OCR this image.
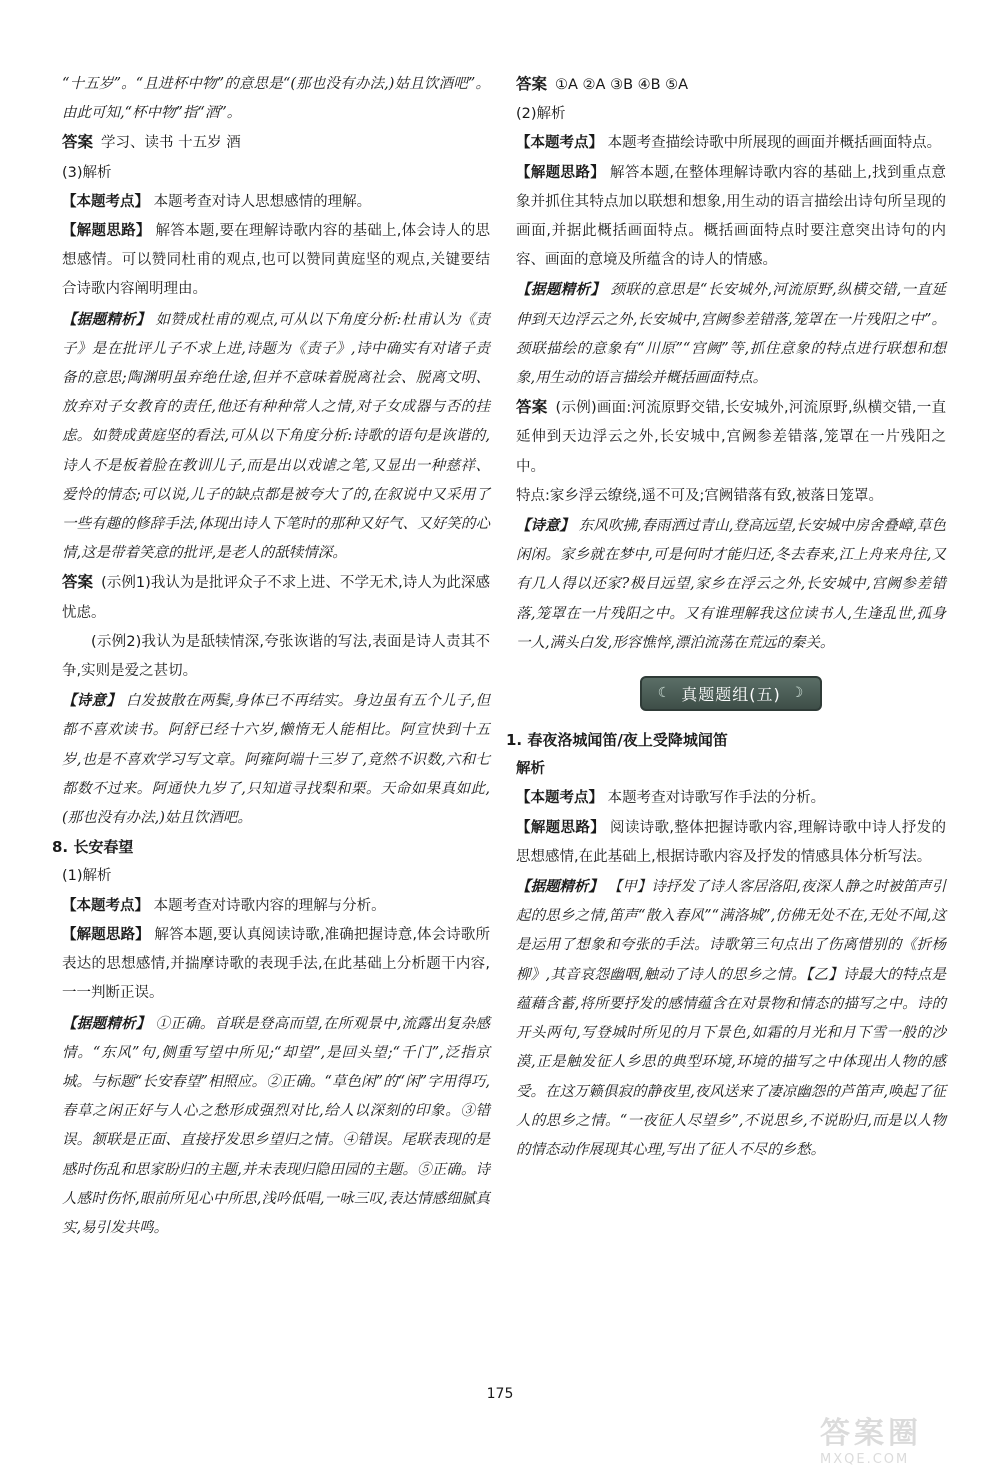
“十五岁”。“且进杯中物”的意思是“(那也没有办法,)姑且饮酒吧”。由此可知,“杯中物”指“酒”。

答案 学习、读书 十五岁 酒

(3)解析

【本题考点】 本题考查对诗人思想感情的理解。

【解题思路】 解答本题,要在理解诗歌内容的基础上,体会诗人的思想感情。可以赞同杜甫的观点,也可以赞同黄庭坚的观点,关键要结合诗歌内容阐明理由。

【据题精析】 如赞成杜甫的观点,可从以下角度分析:杜甫认为《责子》是在批评儿子不求上进,诗题为《责子》,诗中确实有对诸子责备的意思;陶渊明虽弃绝仕途,但并不意味着脱离社会、脱离文明、放弃对子女教育的责任,他还有种种常人之情,对子女成器与否的挂虑。如赞成黄庭坚的看法,可从以下角度分析:诗歌的语句是诙谐的,诗人不是板着脸在教训儿子,而是出以戏谑之笔,又显出一种慈祥、爱怜的情态;可以说,儿子的缺点都是被夸大了的,在叙说中又采用了一些有趣的修辞手法,体现出诗人下笔时的那种又好气、又好笑的心情,这是带着笑意的批评,是老人的舐犊情深。

答案 (示例1)我认为是批评众子不求上进、不学无术,诗人为此深感忧虑。

(示例2)我认为是舐犊情深,夸张诙谐的写法,表面是诗人责其不争,实则是爱之甚切。

【诗意】 白发披散在两鬓,身体已不再结实。身边虽有五个儿子,但都不喜欢读书。阿舒已经十六岁,懒惰无人能相比。阿宣快到十五岁,也是不喜欢学习写文章。阿雍阿端十三岁了,竟然不识数,六和七都数不过来。阿通快九岁了,只知道寻找梨和栗。天命如果真如此,(那也没有办法,)姑且饮酒吧。

8. 长安春望

(1)解析

【本题考点】 本题考查对诗歌内容的理解与分析。

【解题思路】 解答本题,要认真阅读诗歌,准确把握诗意,体会诗歌所表达的思想感情,并揣摩诗歌的表现手法,在此基础上分析题干内容,一一判断正误。

【据题精析】 ①正确。首联是登高而望,在所观景中,流露出复杂感情。“东风”句,侧重写望中所见;“却望”,是回头望;“千门”,泛指京城。与标题“长安春望”相照应。②正确。“草色闲”的“闲”字用得巧,春草之闲正好与人心之愁形成强烈对比,给人以深刻的印象。③错误。颔联是正面、直接抒发思乡望归之情。④错误。尾联表现的是感时伤乱和思家盼归的主题,并未表现归隐田园的主题。⑤正确。诗人感时伤怀,眼前所见心中所思,浅吟低唱,一咏三叹,表达情感细腻真实,易引发共鸣。

答案 ①A ②A ③B ④B ⑤A

(2)解析

【本题考点】 本题考查描绘诗歌中所展现的画面并概括画面特点。

【解题思路】 解答本题,在整体理解诗歌内容的基础上,找到重点意象并抓住其特点加以联想和想象,用生动的语言描绘出诗句所呈现的画面,并据此概括画面特点。概括画面特点时要注意突出诗句的内容、画面的意境及所蕴含的诗人的情感。

【据题精析】 颈联的意思是“长安城外,河流原野,纵横交错,一直延伸到天边浮云之外,长安城中,宫阙参差错落,笼罩在一片残阳之中”。颈联描绘的意象有“川原”“宫阙”等,抓住意象的特点进行联想和想象,用生动的语言描绘并概括画面特点。

答案 (示例)画面:河流原野交错,长安城外,河流原野,纵横交错,一直延伸到天边浮云之外,长安城中,宫阙参差错落,笼罩在一片残阳之中。

特点:家乡浮云缭绕,遥不可及;宫阙错落有致,被落日笼罩。

【诗意】 东风吹拂,春雨洒过青山,登高远望,长安城中房舍叠嶂,草色闲闲。家乡就在梦中,可是何时才能归还,冬去春来,江上舟来舟往,又有几人得以还家?极目远望,家乡在浮云之外,长安城中,宫阙参差错落,笼罩在一片残阳之中。又有谁理解我这位读书人,生逢乱世,孤身一人,满头白发,形容憔悴,漂泊流荡在荒远的秦关。

☾ 真题题组(五) ☽

1. 春夜洛城闻笛/夜上受降城闻笛

解析

【本题考点】 本题考查对诗歌写作手法的分析。

【解题思路】 阅读诗歌,整体把握诗歌内容,理解诗歌中诗人抒发的思想感情,在此基础上,根据诗歌内容及抒发的情感具体分析写法。

【据题精析】 【甲】诗抒发了诗人客居洛阳,夜深人静之时被笛声引起的思乡之情,笛声“散入春风”“满洛城”,仿佛无处不在,无处不闻,这是运用了想象和夸张的手法。诗歌第三句点出了伤离惜别的《折杨柳》,其音哀怨幽咽,触动了诗人的思乡之情。【乙】诗最大的特点是蕴藉含蓄,将所要抒发的感情蕴含在对景物和情态的描写之中。诗的开头两句,写登城时所见的月下景色,如霜的月光和月下雪一般的沙漠,正是触发征人乡思的典型环境,环境的描写之中体现出人物的感受。在这万籁俱寂的静夜里,夜风送来了凄凉幽怨的芦笛声,唤起了征人的思乡之情。“一夜征人尽望乡”,不说思乡,不说盼归,而是以人物的情态动作展现其心理,写出了征人不尽的乡愁。

175
答案圈
MXQE.COM
